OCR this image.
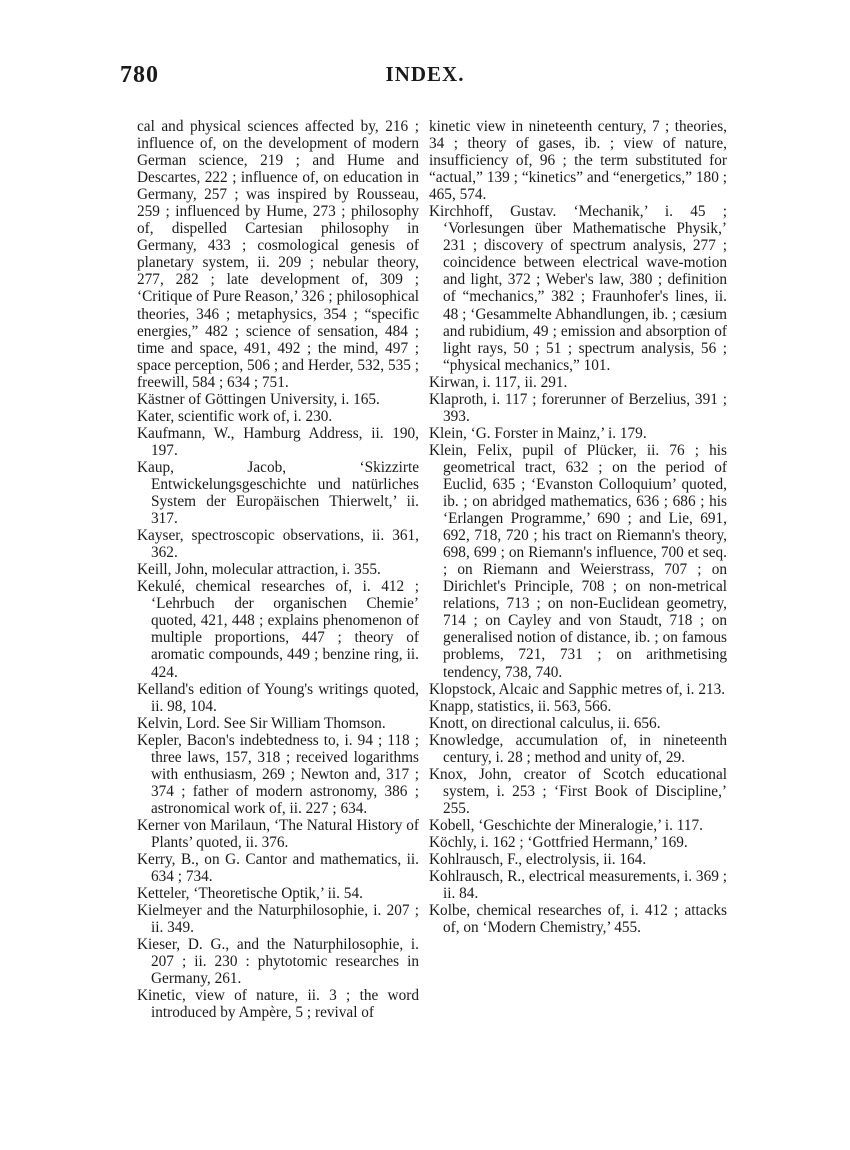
780	INDEX.

cal and physical sciences affected by, 216 ; influence of, on the development of modern German science, 219 ; and Hume and Descartes, 222 ; influence of, on education in Germany, 257 ; was inspired by Rousseau, 259 ; influenced by Hume, 273 ; philosophy of, dispelled Cartesian philosophy in Germany, 433 ; cosmological genesis of planetary system, ii. 209 ; nebular theory, 277, 282 ; late development of, 309 ; ‘Critique of Pure Reason,’ 326 ; philosophical theories, 346 ; metaphysics, 354 ; “specific energies,” 482 ; science of sensation, 484 ; time and space, 491, 492 ; the mind, 497 ; space perception, 506 ; and Herder, 532, 535 ; freewill, 584 ; 634 ; 751.

Kästner of Göttingen University, i. 165.

Kater, scientific work of, i. 230.

Kaufmann, W., Hamburg Address, ii. 190, 197.

Kaup, Jacob, ‘Skizzirte Entwickelungsgeschichte und natürliches System der Europäischen Thierwelt,’ ii. 317.

Kayser, spectroscopic observations, ii. 361, 362.

Keill, John, molecular attraction, i. 355.

Kekulé, chemical researches of, i. 412 ; ‘Lehrbuch der organischen Chemie’ quoted, 421, 448 ; explains phenomenon of multiple proportions, 447 ; theory of aromatic compounds, 449 ; benzine ring, ii. 424.

Kelland's edition of Young's writings quoted, ii. 98, 104.

Kelvin, Lord. See Sir William Thomson.

Kepler, Bacon's indebtedness to, i. 94 ; 118 ; three laws, 157, 318 ; received logarithms with enthusiasm, 269 ; Newton and, 317 ; 374 ; father of modern astronomy, 386 ; astronomical work of, ii. 227 ; 634.

Kerner von Marilaun, ‘The Natural History of Plants’ quoted, ii. 376.

Kerry, B., on G. Cantor and mathematics, ii. 634 ; 734.

Ketteler, ‘Theoretische Optik,’ ii. 54.

Kielmeyer and the Naturphilosophie, i. 207 ; ii. 349.

Kieser, D. G., and the Naturphilosophie, i. 207 ; ii. 230 : phytotomic researches in Germany, 261.

Kinetic, view of nature, ii. 3 ; the word introduced by Ampère, 5 ; revival of

kinetic view in nineteenth century, 7 ; theories, 34 ; theory of gases, ib. ; view of nature, insufficiency of, 96 ; the term substituted for “actual,” 139 ; “kinetics” and “energetics,” 180 ; 465, 574.

Kirchhoff, Gustav. ‘Mechanik,’ i. 45 ; ‘Vorlesungen über Mathematische Physik,’ 231 ; discovery of spectrum analysis, 277 ; coincidence between electrical wave-motion and light, 372 ; Weber's law, 380 ; definition of “mechanics,” 382 ; Fraunhofer's lines, ii. 48 ; ‘Gesammelte Abhandlungen, ib. ; cæsium and rubidium, 49 ; emission and absorption of light rays, 50 ; 51 ; spectrum analysis, 56 ; “physical mechanics,” 101.

Kirwan, i. 117, ii. 291.

Klaproth, i. 117 ; forerunner of Berzelius, 391 ; 393.

Klein, ‘G. Forster in Mainz,’ i. 179.

Klein, Felix, pupil of Plücker, ii. 76 ; his geometrical tract, 632 ; on the period of Euclid, 635 ; ‘Evanston Colloquium’ quoted, ib. ; on abridged mathematics, 636 ; 686 ; his ‘Erlangen Programme,’ 690 ; and Lie, 691, 692, 718, 720 ; his tract on Riemann's theory, 698, 699 ; on Riemann's influence, 700 et seq. ; on Riemann and Weierstrass, 707 ; on Dirichlet's Principle, 708 ; on non-metrical relations, 713 ; on non-Euclidean geometry, 714 ; on Cayley and von Staudt, 718 ; on generalised notion of distance, ib. ; on famous problems, 721, 731 ; on arithmetising tendency, 738, 740.

Klopstock, Alcaic and Sapphic metres of, i. 213.

Knapp, statistics, ii. 563, 566.

Knott, on directional calculus, ii. 656.

Knowledge, accumulation of, in nineteenth century, i. 28 ; method and unity of, 29.

Knox, John, creator of Scotch educational system, i. 253 ; ‘First Book of Discipline,’ 255.

Kobell, ‘Geschichte der Mineralogie,’ i. 117.

Köchly, i. 162 ; ‘Gottfried Hermann,’ 169.

Kohlrausch, F., electrolysis, ii. 164.

Kohlrausch, R., electrical measurements, i. 369 ; ii. 84.

Kolbe, chemical researches of, i. 412 ; attacks of, on ‘Modern Chemistry,’ 455.
